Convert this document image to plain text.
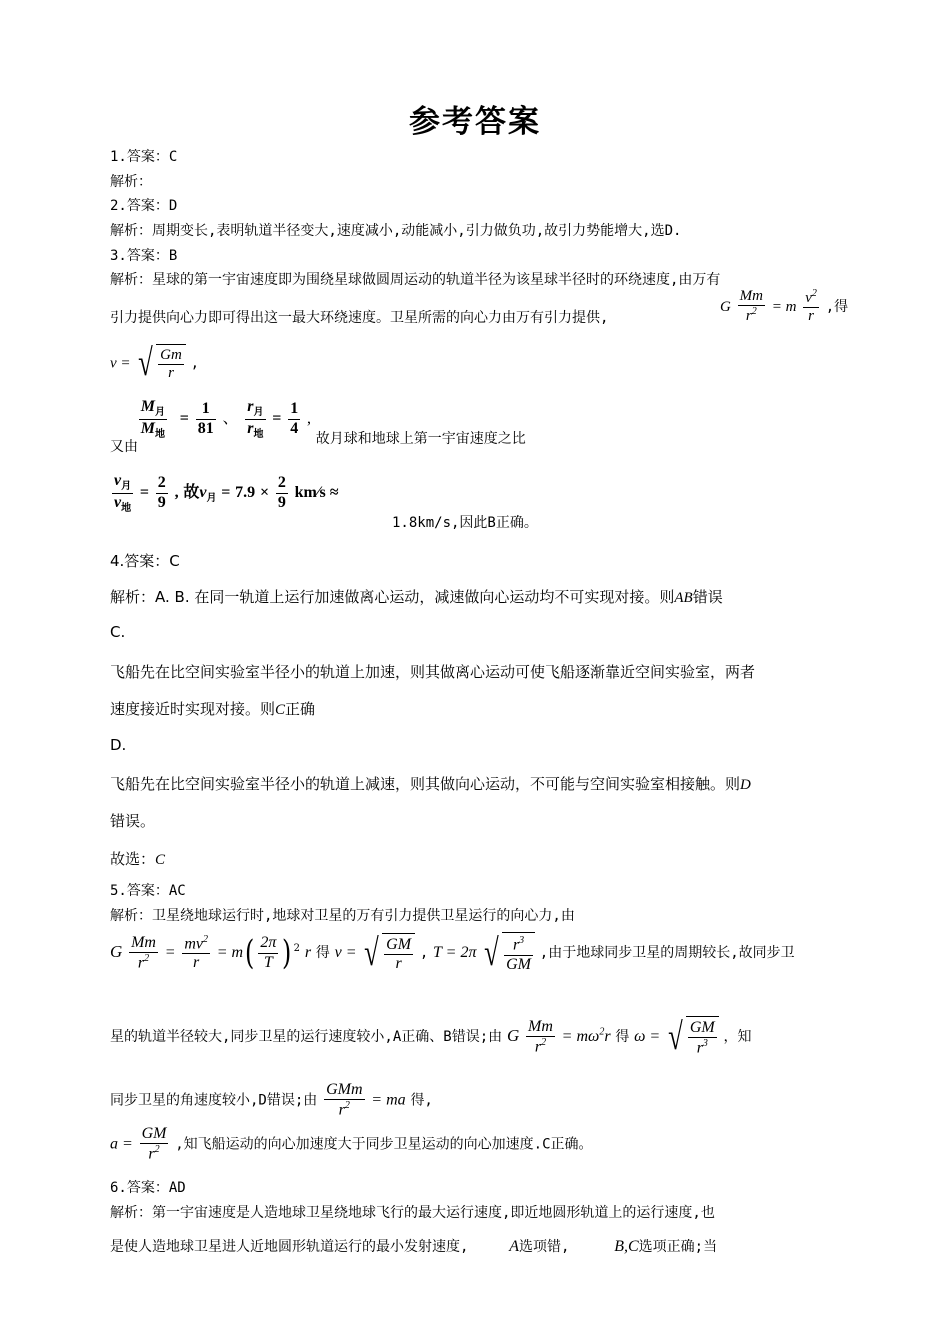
参考答案
1.答案：C
解析：
2.答案：D
解析：周期变长,表明轨道半径变大,速度减小,动能减小,引力做负功,故引力势能增大,选D.
3.答案：B
解析：星球的第一宇宙速度即为围绕星球做圆周运动的轨道半径为该星球半径时的环绕速度,由万有
引力提供向心力即可得出这一最大环绕速度。卫星所需的向心力由万有引力提供,
G $\frac{Mm}{r^2} = m \frac{v^2}{r}$ ,得
v = √ $\frac{Gm}{r}$ ,
又由
$\frac{M_月}{M_地} = \frac{1}{81}$ 、 $\frac{r_月}{r_地} = \frac{1}{4}$ , 故月球和地球上第一宇宙速度之比
$\frac{v_月}{v_地} = \frac{2}{9}$ , 故$v_月 = 7.9 \times \frac{2}{9}$ km∕s ≈
1.8km/s,因此B正确。
4.答案：C
解析：A. B. 在同一轨道上运行加速做离心运动，减速做向心运动均不可实现对接。则AB错误
C.
飞船先在比空间实验室半径小的轨道上加速，则其做离心运动可使飞船逐渐靠近空间实验室，两者
速度接近时实现对接。则C正确
D.
飞船先在比空间实验室半径小的轨道上减速，则其做向心运动，不可能与空间实验室相接触。则D
错误。
故选：C
5.答案：AC
解析：卫星绕地球运行时,地球对卫星的万有引力提供卫星运行的向心力,由
G $\frac{Mm}{r^2} = \frac{mv^2}{r} = m( \frac{2\pi}{T}$ ) $^2$ r 得 v = √ $\frac{GM}{r}$ , T = 2π √ $\frac{r^3}{GM}$ ,由于地球同步卫星的周期较长,故同步卫
星的轨道半径较大,同步卫星的运行速度较小,A正确、B错误;由 G $\frac{Mm}{r^2} = m\omega^2r$ 得 ω = √ $\frac{GM}{r^3}$ ，知
同步卫星的角速度较小,D错误;由 $\frac{\text{GMm}}{r^2}$ = ma 得,
$a = \frac{GM}{r^2}$ ,知飞船运动的向心加速度大于同步卫星运动的向心加速度.C正确。
6.答案：AD
解析：第一宇宙速度是人造地球卫星绕地球飞行的最大运行速度,即近地圆形轨道上的运行速度,也
是使人造地球卫星进人近地圆形轨道运行的最小发射速度,	A选项错,	B,C选项正确;当
